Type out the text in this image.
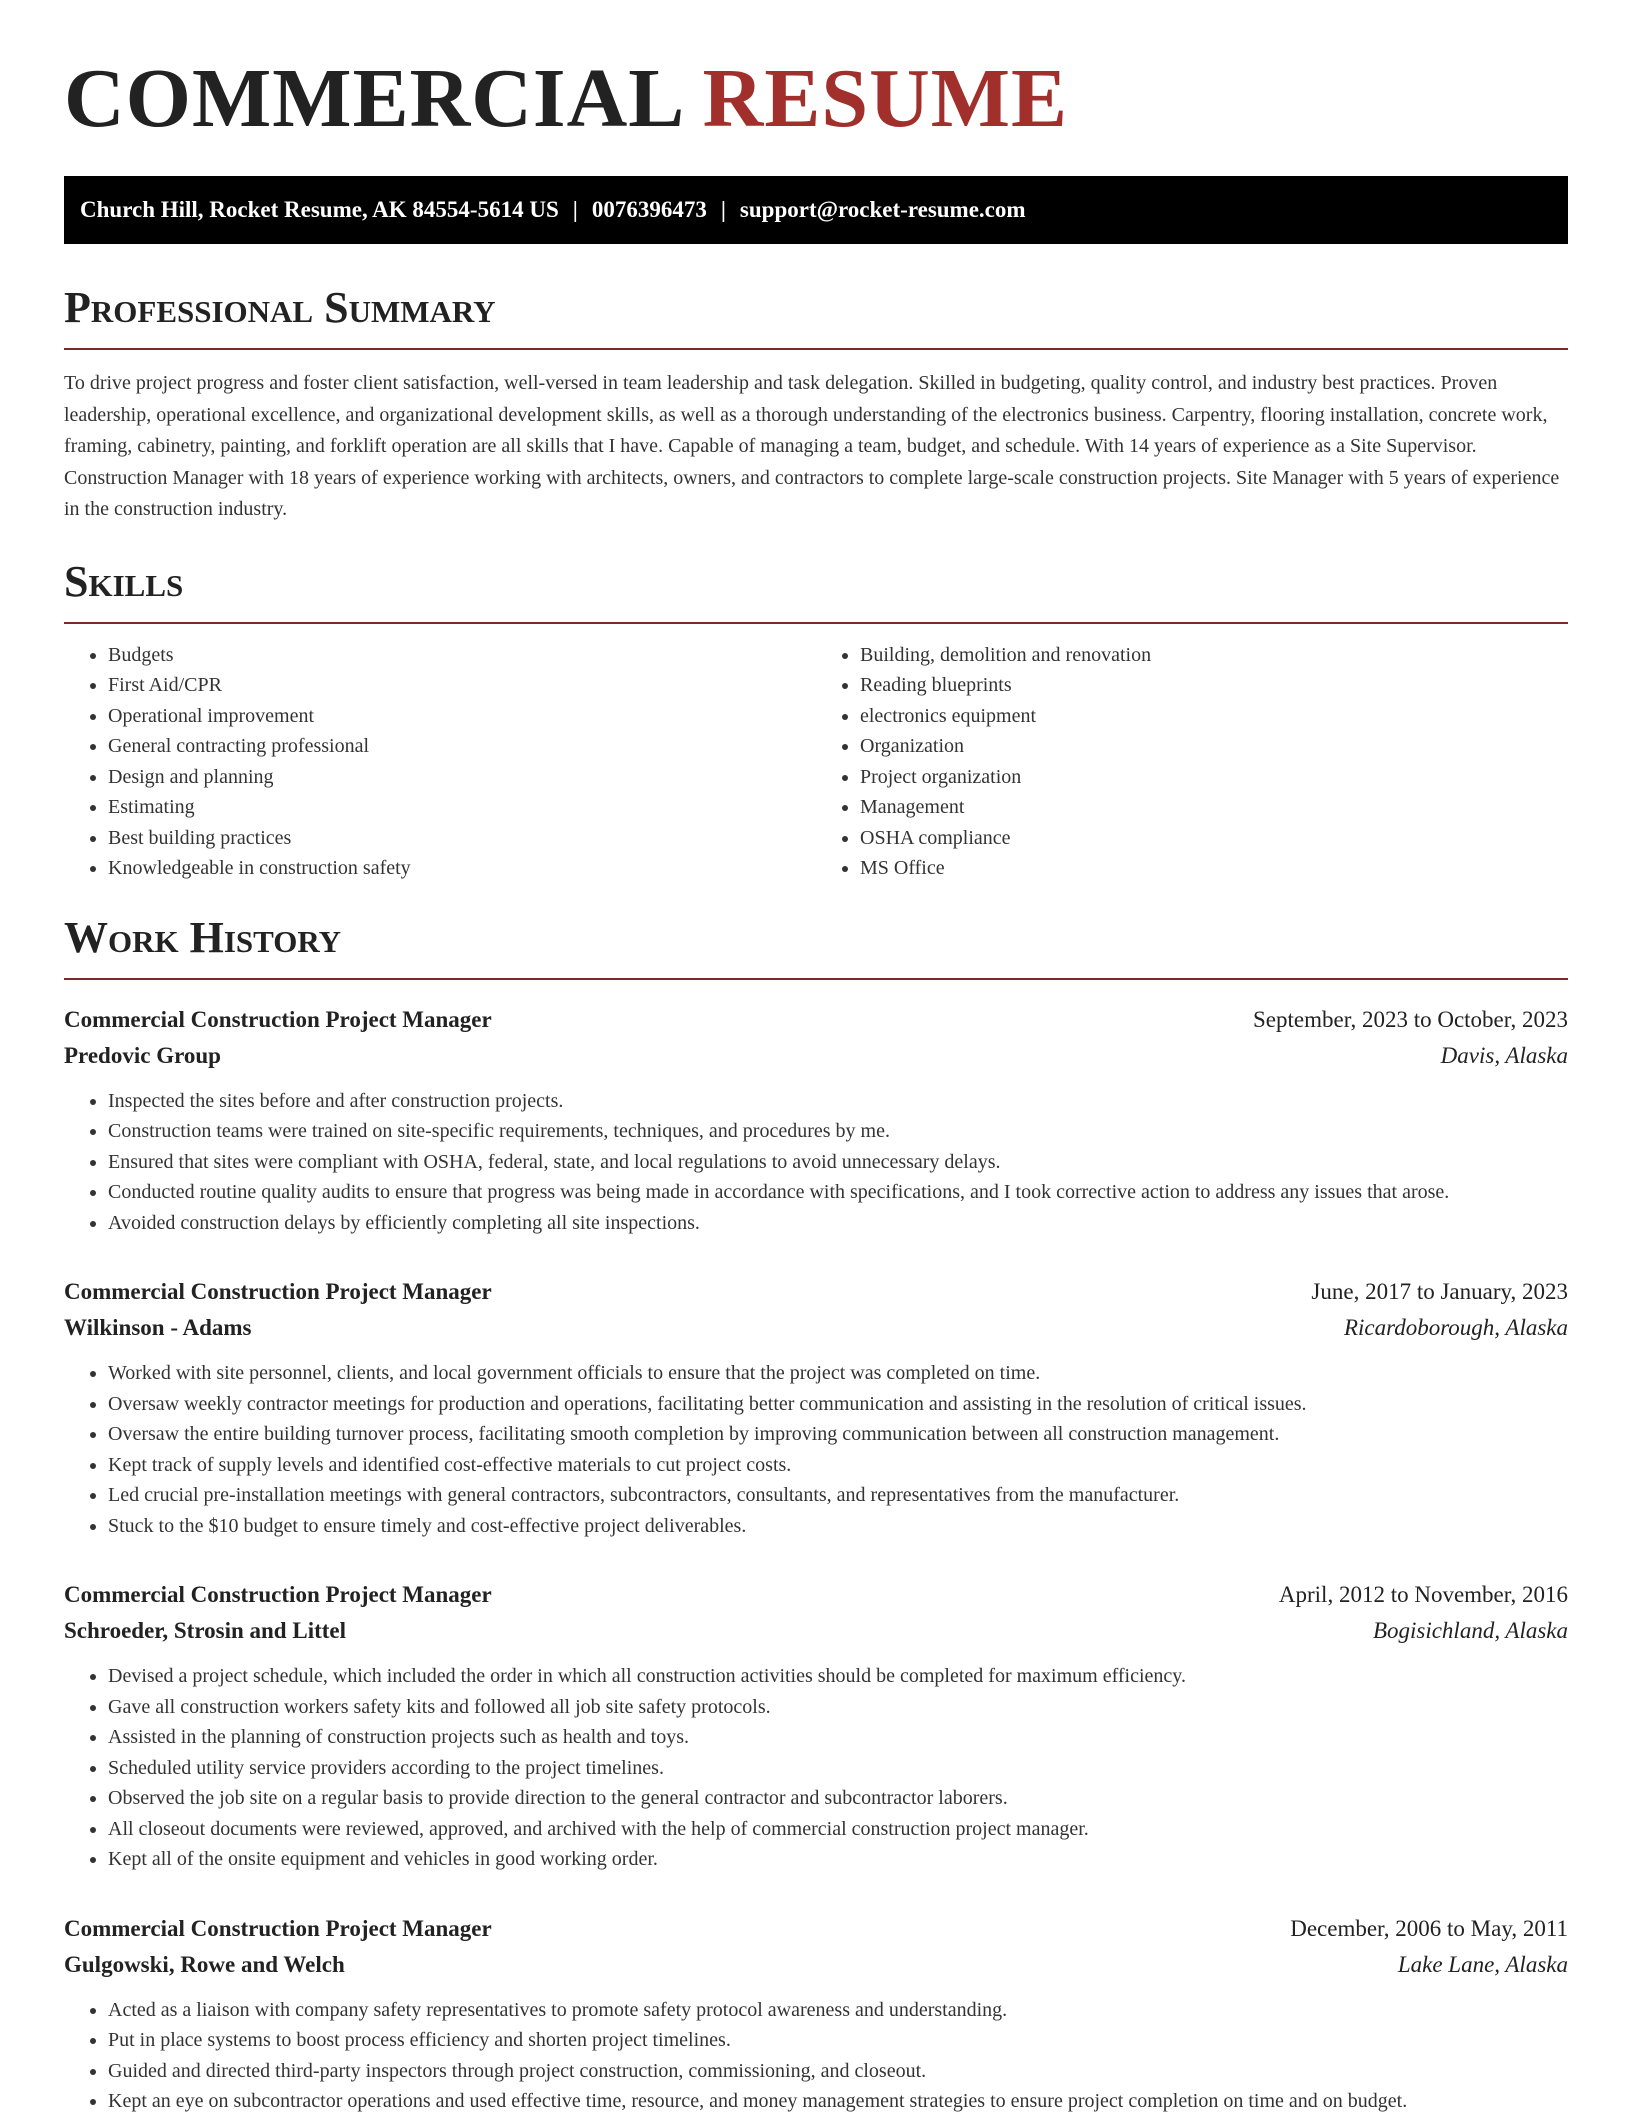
COMMERCIAL RESUME
Church Hill, Rocket Resume, AK 84554-5614 US | 0076396473 | support@rocket-resume.com
Professional Summary

To drive project progress and foster client satisfaction, well-versed in team leadership and task delegation. Skilled in budgeting, quality control, and industry best practices. Proven leadership, operational excellence, and organizational development skills, as well as a thorough understanding of the electronics business. Carpentry, flooring installation, concrete work, framing, cabinetry, painting, and forklift operation are all skills that I have. Capable of managing a team, budget, and schedule. With 14 years of experience as a Site Supervisor. Construction Manager with 18 years of experience working with architects, owners, and contractors to complete large-scale construction projects. Site Manager with 5 years of experience in the construction industry.

Skills
• Budgets
• First Aid/CPR
• Operational improvement
• General contracting professional
• Design and planning
• Estimating
• Best building practices
• Knowledgeable in construction safety
• Building, demolition and renovation
• Reading blueprints
• electronics equipment
• Organization
• Project organization
• Management
• OSHA compliance
• MS Office
Work History
Commercial Construction Project Manager	September, 2023 to October, 2023
Predovic Group	Davis, Alaska
• Inspected the sites before and after construction projects.
• Construction teams were trained on site-specific requirements, techniques, and procedures by me.
• Ensured that sites were compliant with OSHA, federal, state, and local regulations to avoid unnecessary delays.
• Conducted routine quality audits to ensure that progress was being made in accordance with specifications, and I took corrective action to address any issues that arose.
• Avoided construction delays by efficiently completing all site inspections.
Commercial Construction Project Manager	June, 2017 to January, 2023
Wilkinson - Adams	Ricardoborough, Alaska
• Worked with site personnel, clients, and local government officials to ensure that the project was completed on time.
• Oversaw weekly contractor meetings for production and operations, facilitating better communication and assisting in the resolution of critical issues.
• Oversaw the entire building turnover process, facilitating smooth completion by improving communication between all construction management.
• Kept track of supply levels and identified cost-effective materials to cut project costs.
• Led crucial pre-installation meetings with general contractors, subcontractors, consultants, and representatives from the manufacturer.
• Stuck to the $10 budget to ensure timely and cost-effective project deliverables.
Commercial Construction Project Manager	April, 2012 to November, 2016
Schroeder, Strosin and Littel	Bogisichland, Alaska
• Devised a project schedule, which included the order in which all construction activities should be completed for maximum efficiency.
• Gave all construction workers safety kits and followed all job site safety protocols.
• Assisted in the planning of construction projects such as health and toys.
• Scheduled utility service providers according to the project timelines.
• Observed the job site on a regular basis to provide direction to the general contractor and subcontractor laborers.
• All closeout documents were reviewed, approved, and archived with the help of commercial construction project manager.
• Kept all of the onsite equipment and vehicles in good working order.
Commercial Construction Project Manager	December, 2006 to May, 2011
Gulgowski, Rowe and Welch	Lake Lane, Alaska
• Acted as a liaison with company safety representatives to promote safety protocol awareness and understanding.
• Put in place systems to boost process efficiency and shorten project timelines.
• Guided and directed third-party inspectors through project construction, commissioning, and closeout.
• Kept an eye on subcontractor operations and used effective time, resource, and money management strategies to ensure project completion on time and on budget.
